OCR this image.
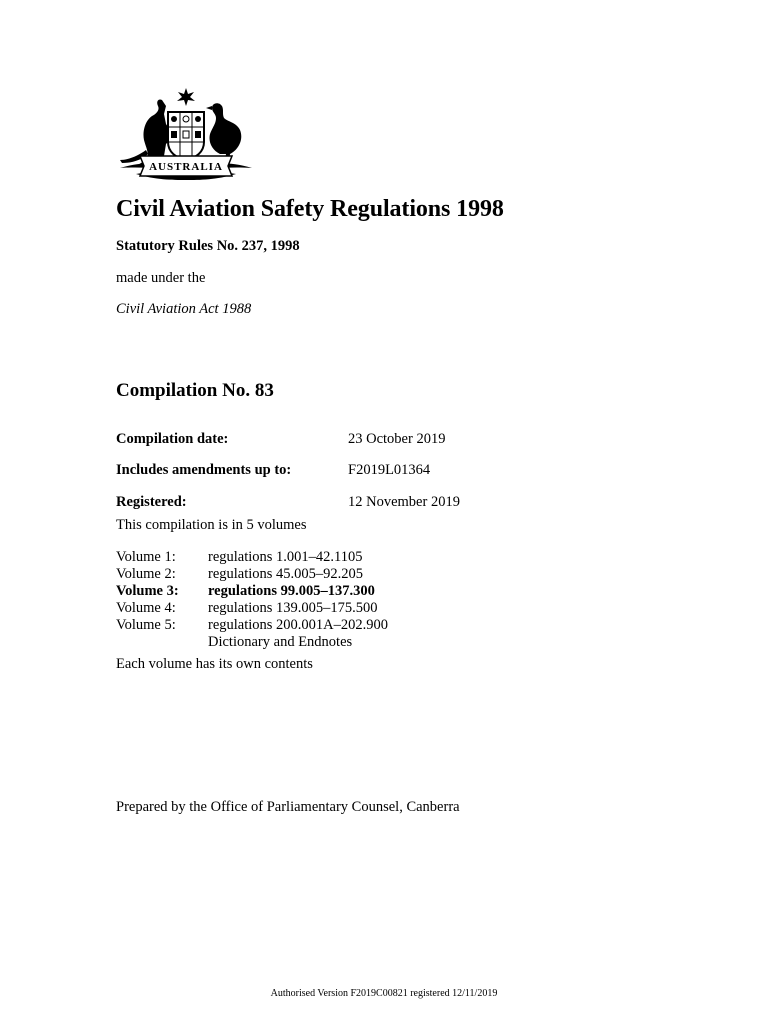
AUSTRALIA
Civil Aviation Safety Regulations 1998
Statutory Rules No. 237, 1998
made under the
Civil Aviation Act 1988
Compilation No. 83
Compilation date:	23 October 2019
Includes amendments up to:	F2019L01364
Registered:	12 November 2019
This compilation is in 5 volumes
Volume 1: regulations 1.001–42.1105
Volume 2: regulations 45.005–92.205
Volume 3: regulations 99.005–137.300
Volume 4: regulations 139.005–175.500
Volume 5: regulations 200.001A–202.900
Dictionary and Endnotes
Each volume has its own contents
Prepared by the Office of Parliamentary Counsel, Canberra
Authorised Version F2019C00821 registered 12/11/2019
